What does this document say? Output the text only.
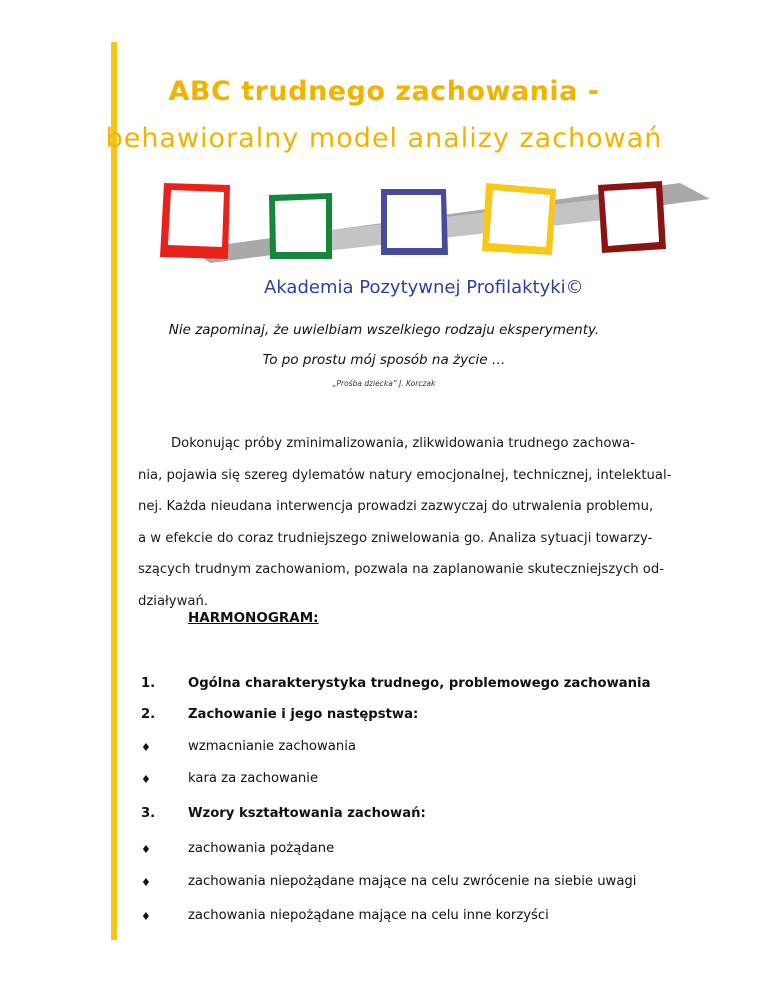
ABC trudnego zachowania -
behawioralny model analizy zachowań
Akademia Pozytywnej Profilaktyki©
Nie zapominaj, że uwielbiam wszelkiego rodzaju eksperymenty.
To po prostu mój sposób na życie …
„Prośba dziecka” J. Korczak
Dokonując próby zminimalizowania, zlikwidowania trudnego zachowa-
nia, pojawia się szereg dylematów natury emocjonalnej, technicznej, intelektual-
nej. Każda nieudana interwencja prowadzi zazwyczaj do utrwalenia problemu,
a w efekcie do coraz trudniejszego zniwelowania go. Analiza sytuacji towarzy-
szących trudnym zachowaniom, pozwala na zaplanowanie skuteczniejszych od-
działywań.
HARMONOGRAM:
1. Ogólna charakterystyka trudnego, problemowego zachowania
2. Zachowanie i jego następstwa:
♦	wzmacnianie zachowania
♦	kara za zachowanie
3. Wzory kształtowania zachowań:
♦	zachowania pożądane
♦	zachowania niepożądane mające na celu zwrócenie na siebie uwagi
♦	zachowania niepożądane mające na celu inne korzyści
